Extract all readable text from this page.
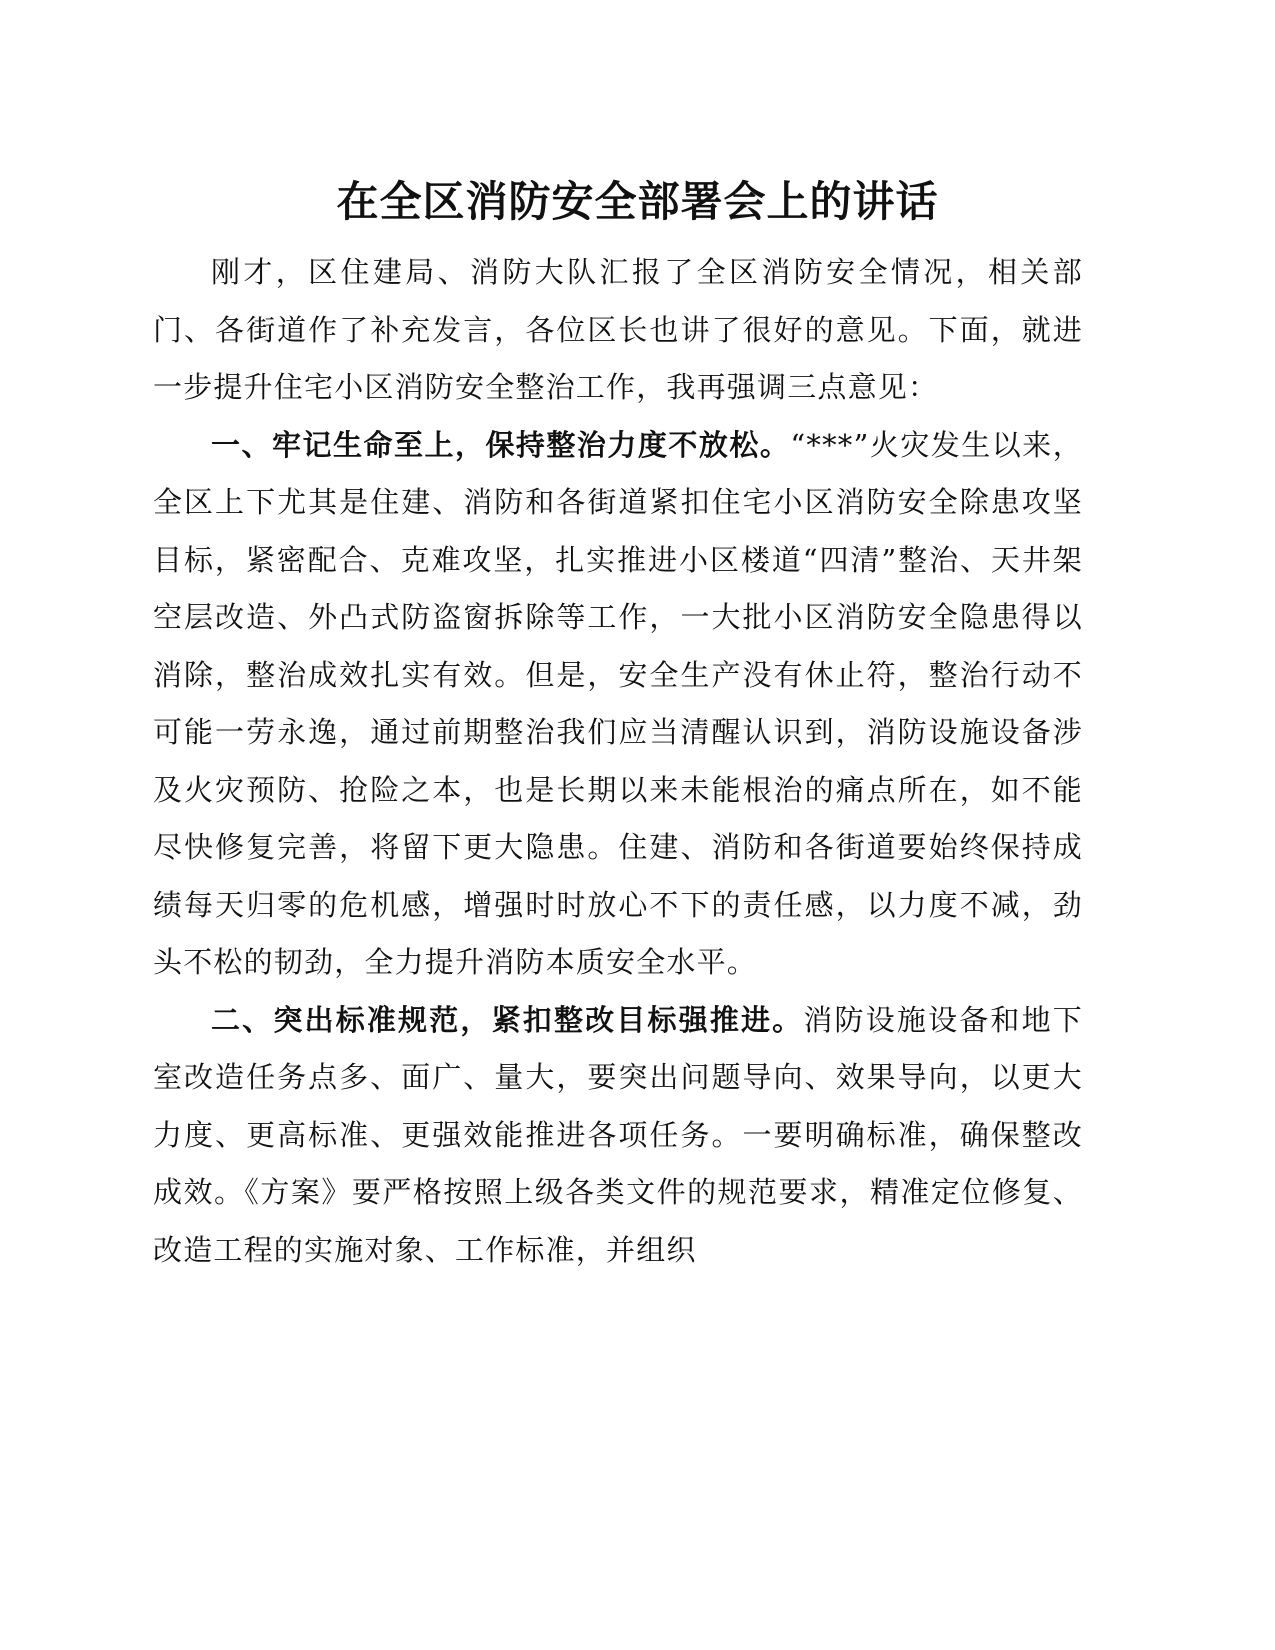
在全区消防安全部署会上的讲话

刚才，区住建局、消防大队汇报了全区消防安全情况，相关部门、各街道作了补充发言，各位区长也讲了很好的意见。下面，就进一步提升住宅小区消防安全整治工作，我再强调三点意见：

一、牢记生命至上，保持整治力度不放松。“***”火灾发生以来，全区上下尤其是住建、消防和各街道紧扣住宅小区消防安全除患攻坚目标，紧密配合、克难攻坚，扎实推进小区楼道“四清”整治、天井架空层改造、外凸式防盗窗拆除等工作，一大批小区消防安全隐患得以消除，整治成效扎实有效。但是，安全生产没有休止符，整治行动不可能一劳永逸，通过前期整治我们应当清醒认识到，消防设施设备涉及火灾预防、抢险之本，也是长期以来未能根治的痛点所在，如不能尽快修复完善，将留下更大隐患。住建、消防和各街道要始终保持成绩每天归零的危机感，增强时时放心不下的责任感，以力度不减，劲头不松的韧劲，全力提升消防本质安全水平。

二、突出标准规范，紧扣整改目标强推进。消防设施设备和地下室改造任务点多、面广、量大，要突出问题导向、效果导向，以更大力度、更高标准、更强效能推进各项任务。一要明确标准，确保整改成效。《方案》要严格按照上级各类文件的规范要求，精准定位修复、改造工程的实施对象、工作标准，并组织
